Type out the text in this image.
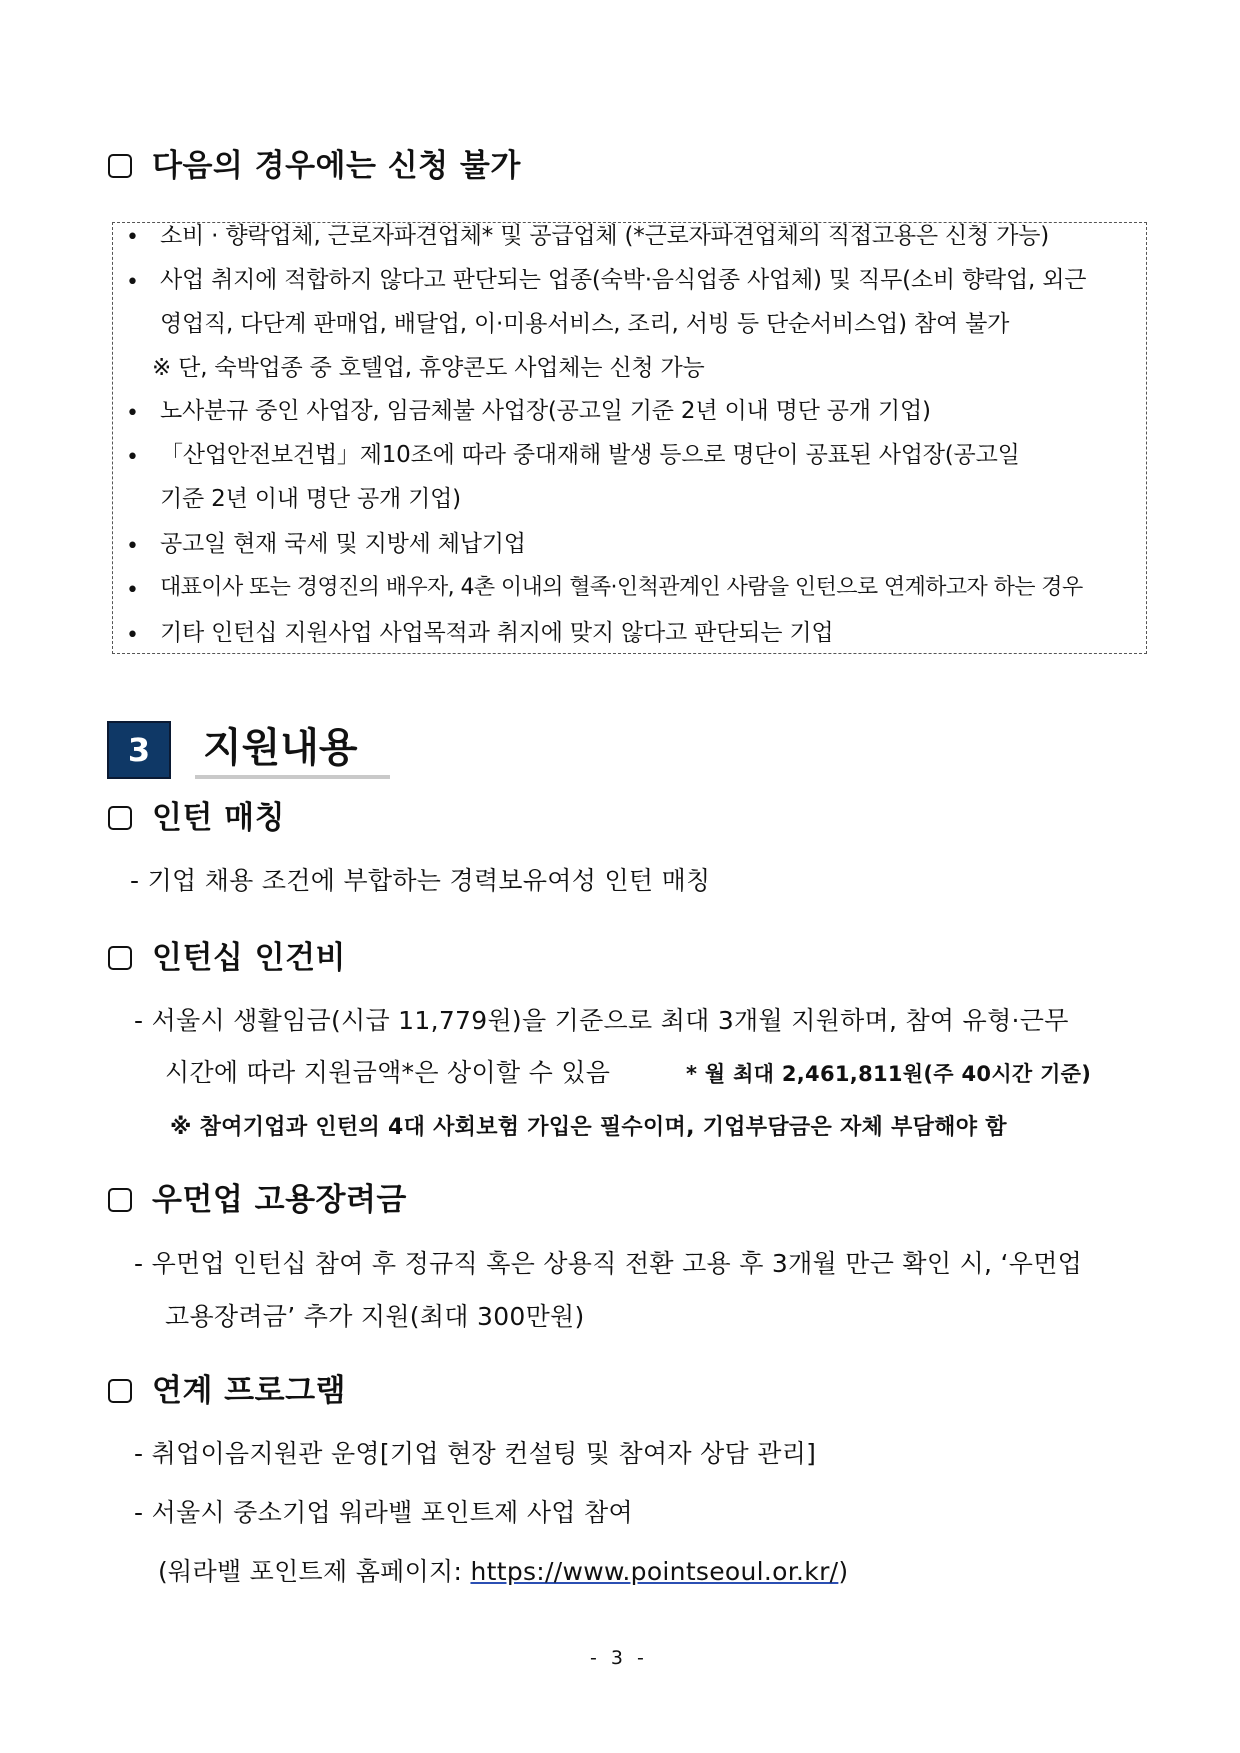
다음의 경우에는 신청 불가
• 소비 · 향락업체, 근로자파견업체* 및 공급업체 (*근로자파견업체의 직접고용은 신청 가능)
• 사업 취지에 적합하지 않다고 판단되는 업종(숙박·음식업종 사업체) 및 직무(소비 향락업, 외근
영업직, 다단계 판매업, 배달업, 이·미용서비스, 조리, 서빙 등 단순서비스업) 참여 불가
※ 단, 숙박업종 중 호텔업, 휴양콘도 사업체는 신청 가능
• 노사분규 중인 사업장, 임금체불 사업장(공고일 기준 2년 이내 명단 공개 기업)
• 「산업안전보건법」제10조에 따라 중대재해 발생 등으로 명단이 공표된 사업장(공고일
기준 2년 이내 명단 공개 기업)
• 공고일 현재 국세 및 지방세 체납기업
• 대표이사 또는 경영진의 배우자, 4촌 이내의 혈족·인척관계인 사람을 인턴으로 연계하고자 하는 경우
• 기타 인턴십 지원사업 사업목적과 취지에 맞지 않다고 판단되는 기업
3	지원내용
인턴 매칭
- 기업 채용 조건에 부합하는 경력보유여성 인턴 매칭
인턴십 인건비
- 서울시 생활임금(시급 11,779원)을 기준으로 최대 3개월 지원하며, 참여 유형·근무
시간에 따라 지원금액*은 상이할 수 있음	* 월 최대 2,461,811원(주 40시간 기준)
※ 참여기업과 인턴의 4대 사회보험 가입은 필수이며, 기업부담금은 자체 부담해야 함
우먼업 고용장려금
- 우먼업 인턴십 참여 후 정규직 혹은 상용직 전환 고용 후 3개월 만근 확인 시, ‘우먼업
고용장려금’ 추가 지원(최대 300만원)
연계 프로그램
- 취업이음지원관 운영[기업 현장 컨설팅 및 참여자 상담 관리]
- 서울시 중소기업 워라밸 포인트제 사업 참여
(워라밸 포인트제 홈페이지: https://www.pointseoul.or.kr/)
- 3 -
